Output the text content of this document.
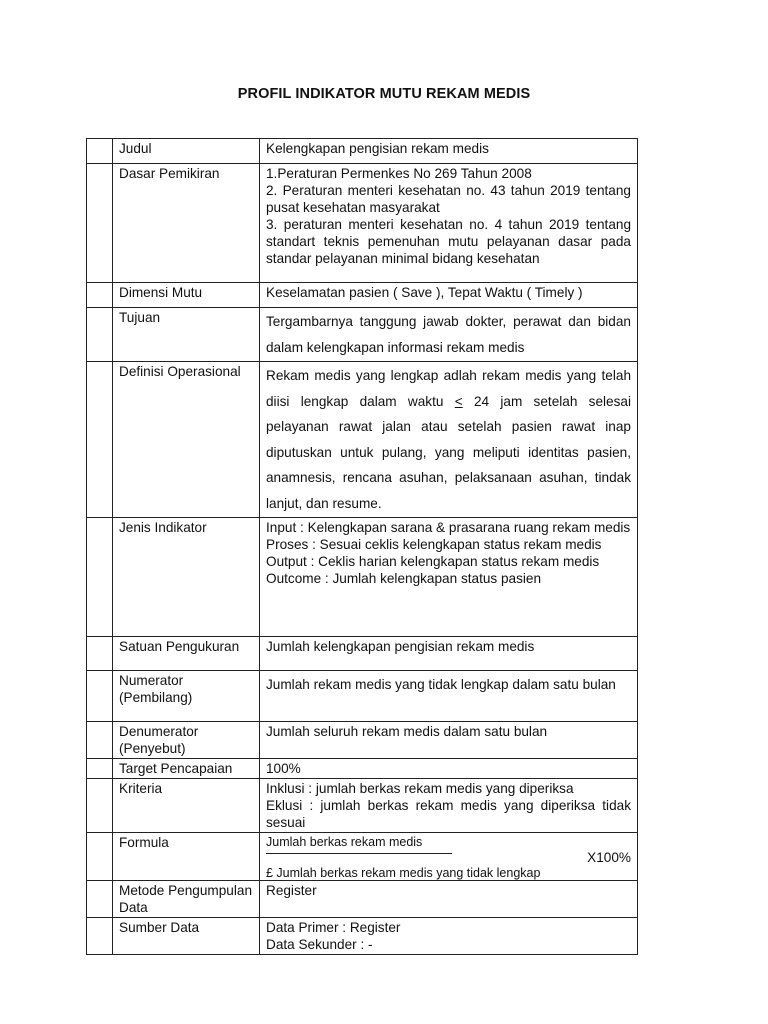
PROFIL INDIKATOR MUTU REKAM MEDIS
	Judul	Kelengkapan pengisian rekam medis
	Dasar Pemikiran	1.Peraturan Permenkes No 269 Tahun 2008
2. Peraturan menteri kesehatan no. 43 tahun 2019 tentang pusat kesehatan masyarakat
3. peraturan menteri kesehatan no. 4 tahun 2019 tentang standart teknis pemenuhan mutu pelayanan dasar pada standar pelayanan minimal bidang kesehatan

	Dimensi Mutu	Keselamatan pasien ( Save ), Tepat Waktu ( Timely )
	Tujuan	Tergambarnya tanggung jawab dokter, perawat dan bidan dalam kelengkapan informasi rekam medis
	Definisi Operasional	Rekam medis yang lengkap adlah rekam medis yang telah diisi lengkap dalam waktu ≤ 24 jam setelah selesai pelayanan rawat jalan atau setelah pasien rawat inap diputuskan untuk pulang, yang meliputi identitas pasien, anamnesis, rencana asuhan, pelaksanaan asuhan, tindak lanjut, dan resume.
	Jenis Indikator	Input : Kelengkapan sarana & prasarana ruang rekam medis
Proses : Sesuai ceklis kelengkapan status rekam medis
Output : Ceklis harian kelengkapan status rekam medis
Outcome : Jumlah kelengkapan status pasien

	Satuan Pengukuran	Jumlah kelengkapan pengisian rekam medis
	Numerator (Pembilang)	Jumlah rekam medis yang tidak lengkap dalam satu bulan
	Denumerator (Penyebut)	Jumlah seluruh rekam medis dalam satu bulan
	Target Pencapaian	100%
	Kriteria	Inklusi : jumlah berkas rekam medis yang diperiksa
Eklusi : jumlah berkas rekam medis yang diperiksa tidak sesuai

	Formula	Jumlah berkas rekam medis
X100%
£ Jumlah berkas rekam medis yang tidak lengkap

	Metode Pengumpulan Data	Register
	Sumber Data	Data Primer : Register
Data Sekunder : -
